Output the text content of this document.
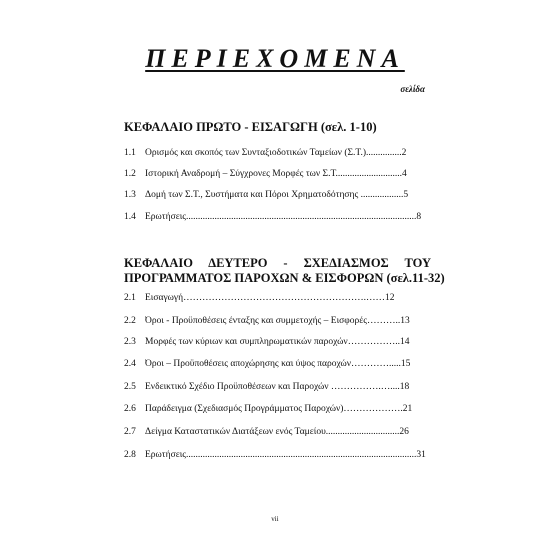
ΠΕΡΙΕΧΟΜΕΝΑ
σελίδα
ΚΕΦΑΛΑΙΟ ΠΡΩΤΟ - ΕΙΣΑΓΩΓΗ (σελ. 1-10)
1.1 Ορισμός και σκοπός των Συνταξιοδοτικών Ταμείων (Σ.Τ.)...............2
1.2 Ιστορική Αναδρομή – Σύγχρονες Μορφές των Σ.Τ............................4
1.3 Δομή των Σ.Τ., Συστήματα και Πόροι Χρηματοδότησης ..................5
1.4 Ερωτήσεις.................................................................................................8
ΚΕΦΑΛΑΙΟ ΔΕΥΤΕΡΟ - ΣΧΕΔΙΑΣΜΟΣ ΤΟΥ
ΠΡΟΓΡΑΜΜΑΤΟΣ ΠΑΡΟΧΩΝ & ΕΙΣΦΟΡΩΝ (σελ.11-32)
2.1 Εισαγωγή………………………………………………….……12
2.2 Όροι - Προϋποθέσεις ένταξης και συμμετοχής – Εισφορές………..13
2.3 Μορφές των κύριων και συμπληρωματικών παροχών……………..14
2.4 Όροι – Προϋποθέσεις αποχώρησης και ύψος παροχών………….....15
2.5 Ενδεικτικό Σχέδιο Προϋποθέσεων και Παροχών …………….…....18
2.6 Παράδειγμα (Σχεδιασμός Προγράμματος Παροχών)……………….21
2.7 Δείγμα Καταστατικών Διατάξεων ενός Ταμείου...............................26
2.8 Ερωτήσεις.................................................................................................31
vii
